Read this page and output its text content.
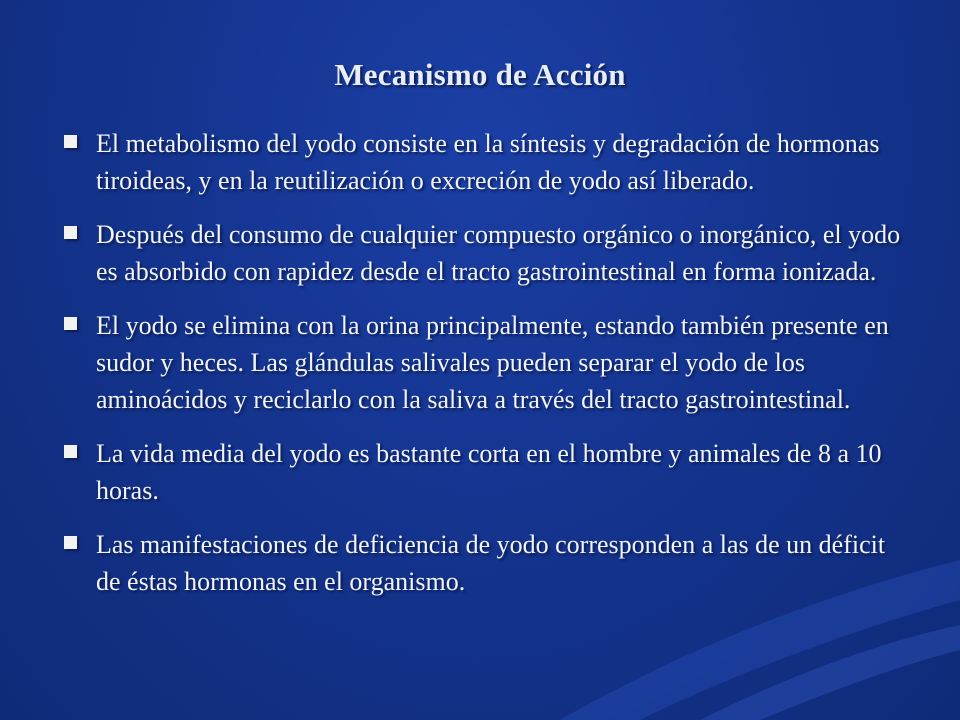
Mecanismo de Acción
El metabolismo del yodo consiste en la síntesis y degradación de hormonas tiroideas, y en la reutilización o excreción de yodo así liberado.
Después del consumo de cualquier compuesto orgánico o inorgánico, el yodo es absorbido con rapidez desde el tracto gastrointestinal en forma ionizada.
El yodo se elimina con la orina principalmente, estando también presente en sudor y heces. Las glándulas salivales pueden separar el yodo de los aminoácidos y reciclarlo con la saliva a través del tracto gastrointestinal.
La vida media del yodo es bastante corta en el hombre y animales de 8 a 10 horas.
Las manifestaciones de deficiencia de yodo corresponden a las de un déficit de éstas hormonas en el organismo.
